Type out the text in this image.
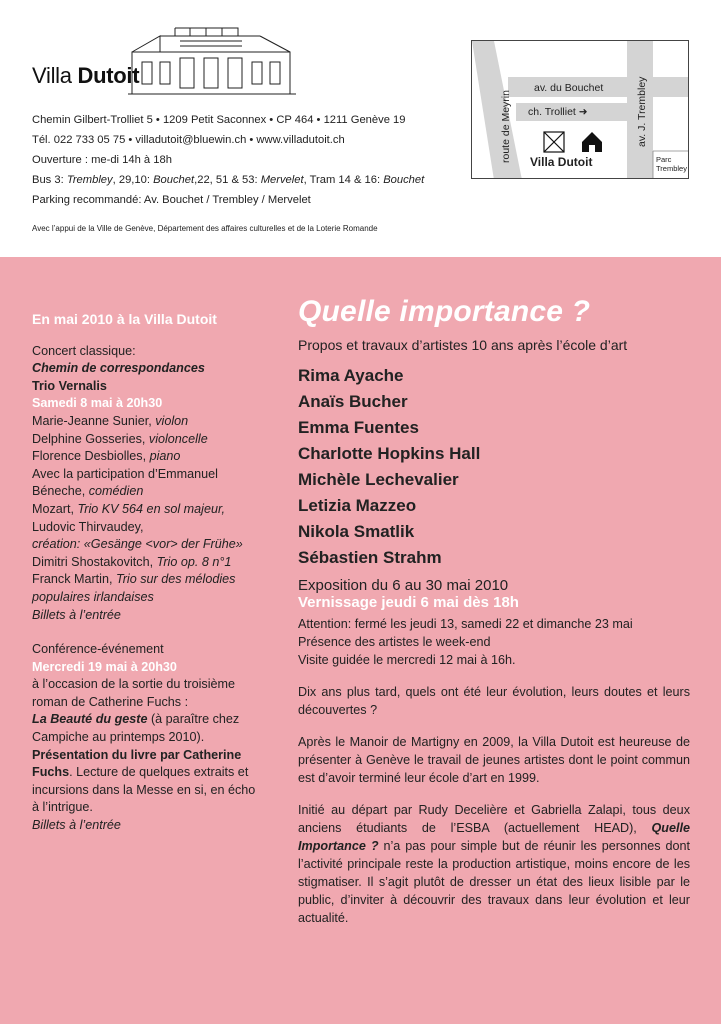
Villa Dutoit
Chemin Gilbert-Trolliet 5 • 1209 Petit Saconnex • CP 464 • 1211 Genève 19
Tél. 022 733 05 75 • villadutoit@bluewin.ch • www.villadutoit.ch
Ouverture : me-di 14h à 18h
Bus 3: Trembley, 29,10: Bouchet,22, 51 & 53: Mervelet, Tram 14 & 16: Bouchet
Parking recommandé: Av. Bouchet / Trembley / Mervelet
Avec l’appui de la Ville de Genève, Département des affaires culturelles et de la Loterie Romande
route de Meyrin
av. du Bouchet
ch. Trolliet ➜	av. J. Trembley
Villa Dutoit	Parc
Trembley
En mai 2010 à la Villa Dutoit
Concert classique:
Chemin de correspondances
Trio Vernalis
Samedi 8 mai à 20h30
Marie-Jeanne Sunier, violon
Delphine Gosseries, violoncelle
Florence Desbiolles, piano
Avec la participation d’Emmanuel
Béneche, comédien
Mozart, Trio KV 564 en sol majeur,
Ludovic Thirvaudey,
création: «Gesänge <vor> der Frühe»
Dimitri Shostakovitch, Trio op. 8 n°1
Franck Martin, Trio sur des mélodies
populaires irlandaises
Billets à l’entrée
Conférence-événement
Mercredi 19 mai à 20h30
à l’occasion de la sortie du troisième
roman de Catherine Fuchs :
La Beauté du geste (à paraître chez
Campiche au printemps 2010).
Présentation du livre par Catherine
Fuchs. Lecture de quelques extraits et
incursions dans la Messe en si, en écho
à l’intrigue.
Billets à l’entrée
Quelle importance ?
Propos et travaux d’artistes 10 ans après l’école d’art
Rima Ayache
Anaïs Bucher
Emma Fuentes
Charlotte Hopkins Hall
Michèle Lechevalier
Letizia Mazzeo
Nikola Smatlik
Sébastien Strahm
Exposition du 6 au 30 mai 2010
Vernissage jeudi 6 mai dès 18h
Attention: fermé les jeudi 13, samedi 22 et dimanche 23 mai
Présence des artistes le week-end
Visite guidée le mercredi 12 mai à 16h.
Dix ans plus tard, quels ont été leur évolution, leurs doutes et leurs découvertes ?
Après le Manoir de Martigny en 2009, la Villa Dutoit est heureuse de présenter à Genève le travail de jeunes artistes dont le point commun est d’avoir terminé leur école d’art en 1999.
Initié au départ par Rudy Decelière et Gabriella Zalapi, tous deux anciens étudiants de l’ESBA (actuellement HEAD), Quelle Importance ? n’a pas pour simple but de réunir les personnes dont l’activité principale reste la production artistique, moins encore de les stigmatiser. Il s’agit plutôt de dresser un état des lieux lisible par le public, d’inviter à découvrir des travaux dans leur évolution et leur actualité.
